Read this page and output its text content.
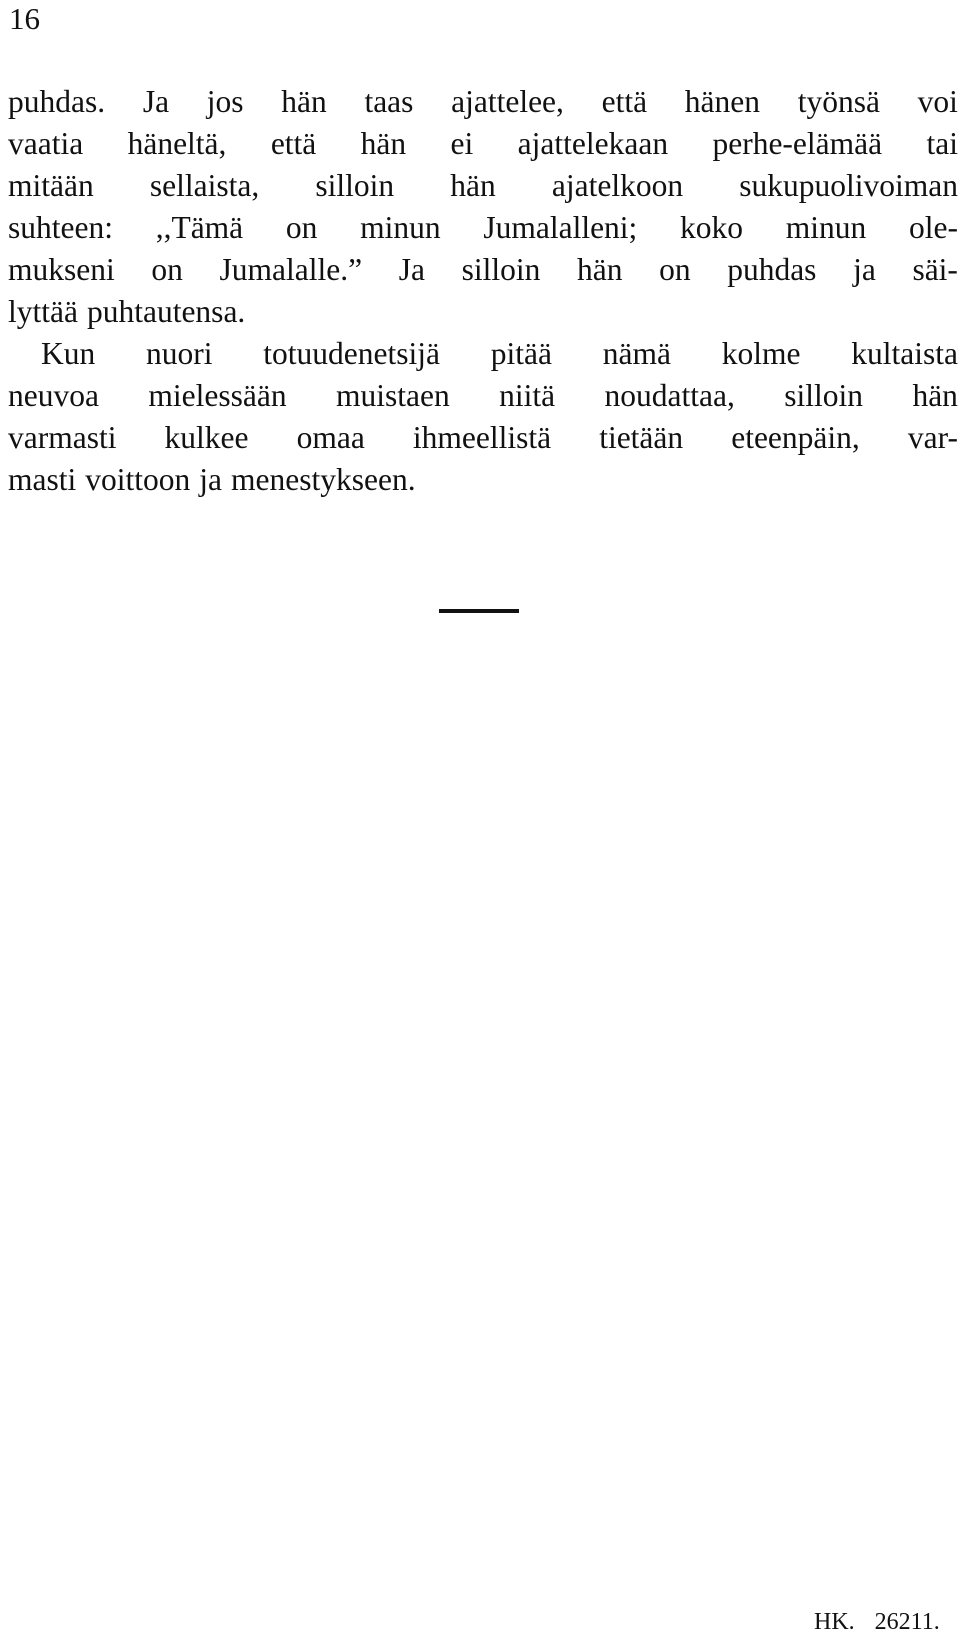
16
puhdas. Ja jos hän taas ajattelee, että hänen työnsä voi
vaatia häneltä, että hän ei ajattelekaan perhe-elämää tai
mitään sellaista, silloin hän ajatelkoon sukupuolivoiman
suhteen: ,,Tämä on minun Jumalalleni; koko minun ole-
mukseni on Jumalalle.” Ja silloin hän on puhdas ja säi-
lyttää puhtautensa.
Kun nuori totuudenetsijä pitää nämä kolme kultaista
neuvoa mielessään muistaen niitä noudattaa, silloin hän
varmasti kulkee omaa ihmeellistä tietään eteenpäin, var-
masti voittoon ja menestykseen.
HK. 26211.
